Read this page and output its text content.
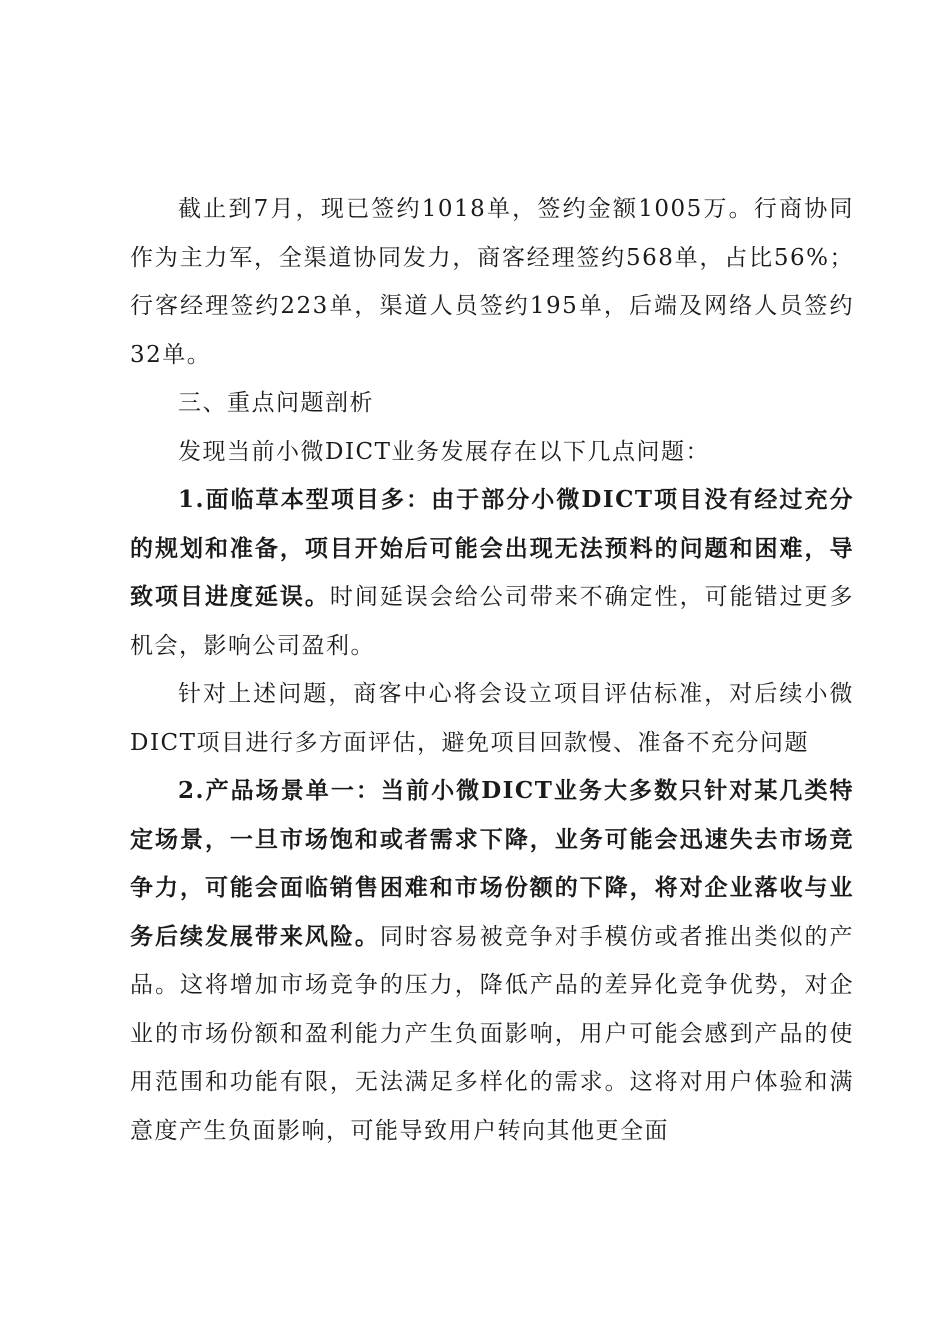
截止到7月，现已签约1018单，签约金额1005万。行商协同作为主力军，全渠道协同发力，商客经理签约568单，占比56%；行客经理签约223单，渠道人员签约195单，后端及网络人员签约32单。

三、重点问题剖析

发现当前小微DICT业务发展存在以下几点问题：

1.面临草本型项目多：由于部分小微DICT项目没有经过充分的规划和准备，项目开始后可能会出现无法预料的问题和困难，导致项目进度延误。时间延误会给公司带来不确定性，可能错过更多机会，影响公司盈利。

针对上述问题，商客中心将会设立项目评估标准，对后续小微DICT项目进行多方面评估，避免项目回款慢、准备不充分问题

2.产品场景单一：当前小微DICT业务大多数只针对某几类特定场景，一旦市场饱和或者需求下降，业务可能会迅速失去市场竞争力，可能会面临销售困难和市场份额的下降，将对企业落收与业务后续发展带来风险。同时容易被竞争对手模仿或者推出类似的产品。这将增加市场竞争的压力，降低产品的差异化竞争优势，对企业的市场份额和盈利能力产生负面影响，用户可能会感到产品的使用范围和功能有限，无法满足多样化的需求。这将对用户体验和满意度产生负面影响，可能导致用户转向其他更全面
